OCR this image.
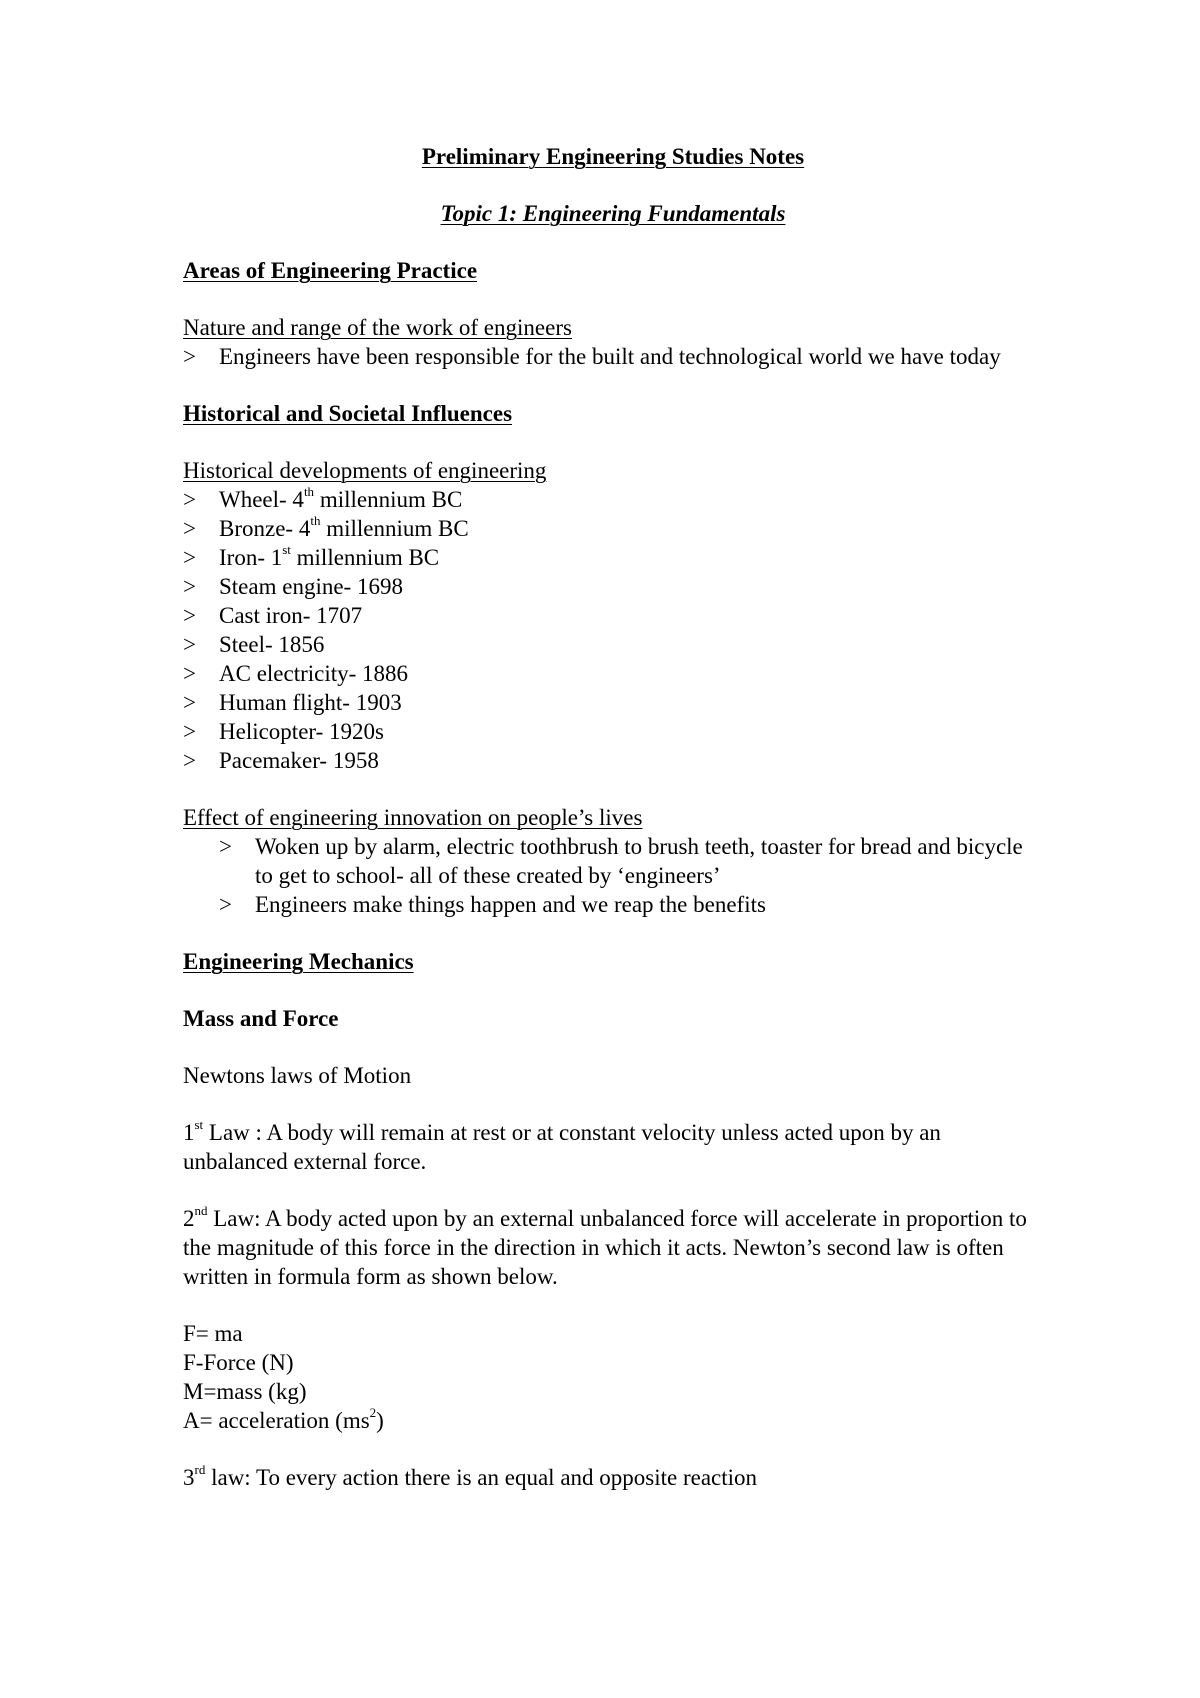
Preliminary Engineering Studies Notes

Topic 1: Engineering Fundamentals

Areas of Engineering Practice

Nature and range of the work of engineers

> Engineers have been responsible for the built and technological world we have today

Historical and Societal Influences

Historical developments of engineering

> Wheel- 4th millennium BC
> Bronze- 4th millennium BC
> Iron- 1st millennium BC
> Steam engine- 1698
> Cast iron- 1707
> Steel- 1856
> AC electricity- 1886
> Human flight- 1903
> Helicopter- 1920s
> Pacemaker- 1958

Effect of engineering innovation on people’s lives

> Woken up by alarm, electric toothbrush to brush teeth, toaster for bread and bicycle to get to school- all of these created by ‘engineers’
> Engineers make things happen and we reap the benefits

Engineering Mechanics

Mass and Force

Newtons laws of Motion

1st Law : A body will remain at rest or at constant velocity unless acted upon by an unbalanced external force.

2nd Law: A body acted upon by an external unbalanced force will accelerate in proportion to the magnitude of this force in the direction in which it acts. Newton’s second law is often written in formula form as shown below.

F= ma

F-Force (N)

M=mass (kg)

A= acceleration $(ms^2)$

3rd law: To every action there is an equal and opposite reaction
